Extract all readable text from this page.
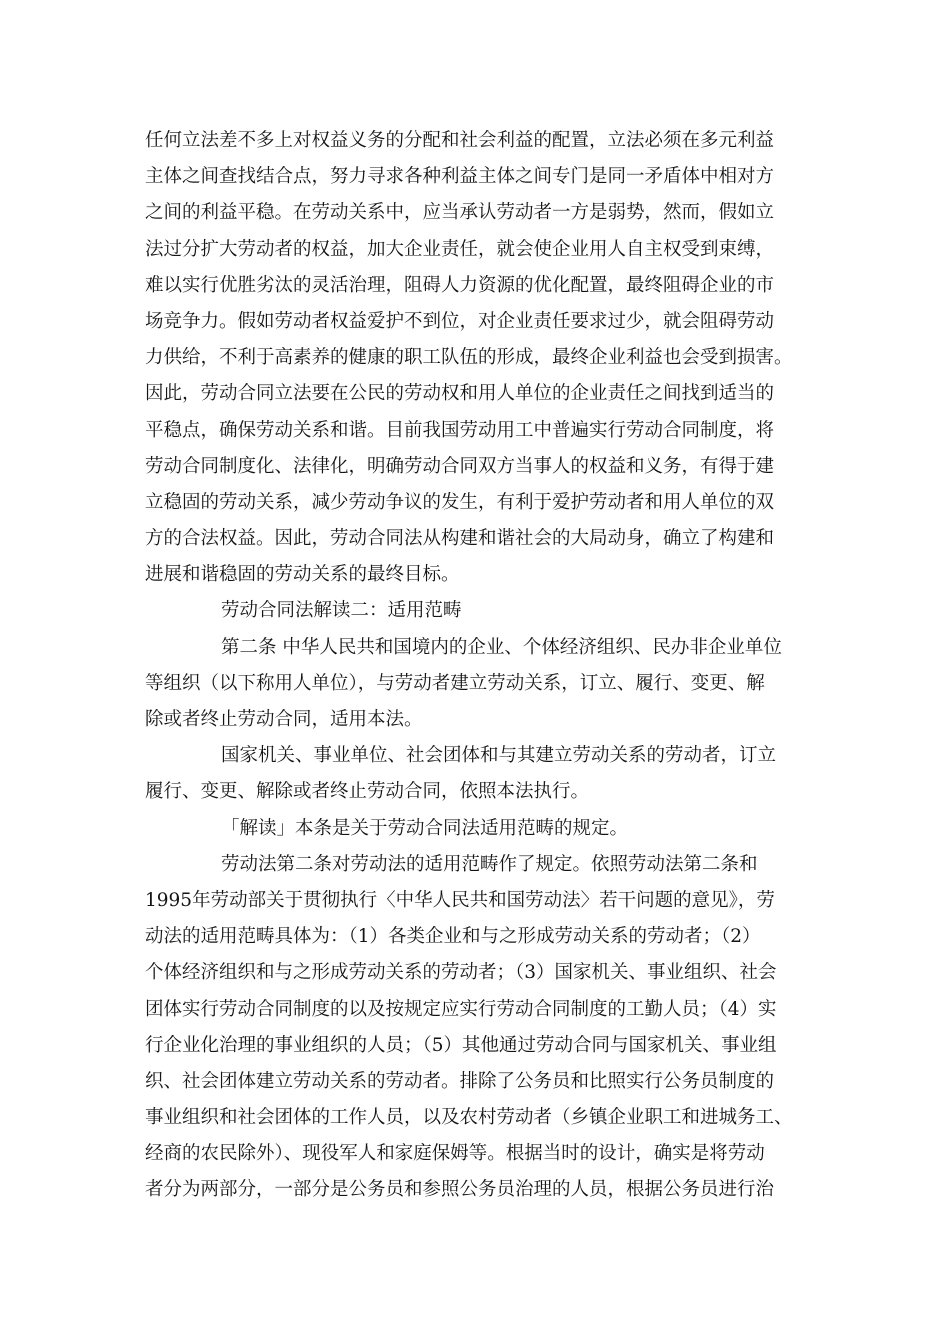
任何立法差不多上对权益义务的分配和社会利益的配置，立法必须在多元利益
主体之间查找结合点，努力寻求各种利益主体之间专门是同一矛盾体中相对方
之间的利益平稳。在劳动关系中，应当承认劳动者一方是弱势，然而，假如立
法过分扩大劳动者的权益，加大企业责任，就会使企业用人自主权受到束缚，
难以实行优胜劣汰的灵活治理，阻碍人力资源的优化配置，最终阻碍企业的市
场竞争力。假如劳动者权益爱护不到位，对企业责任要求过少，就会阻碍劳动
力供给，不利于高素养的健康的职工队伍的形成，最终企业利益也会受到损害。
因此，劳动合同立法要在公民的劳动权和用人单位的企业责任之间找到适当的
平稳点，确保劳动关系和谐。目前我国劳动用工中普遍实行劳动合同制度，将
劳动合同制度化、法律化，明确劳动合同双方当事人的权益和义务，有得于建
立稳固的劳动关系，减少劳动争议的发生，有利于爱护劳动者和用人单位的双
方的合法权益。因此，劳动合同法从构建和谐社会的大局动身，确立了构建和
进展和谐稳固的劳动关系的最终目标。
劳动合同法解读二：适用范畴
第二条 中华人民共和国境内的企业、个体经济组织、民办非企业单位
等组织（以下称用人单位），与劳动者建立劳动关系，订立、履行、变更、解
除或者终止劳动合同，适用本法。
国家机关、事业单位、社会团体和与其建立劳动关系的劳动者，订立
履行、变更、解除或者终止劳动合同，依照本法执行。
「解读」本条是关于劳动合同法适用范畴的规定。
劳动法第二条对劳动法的适用范畴作了规定。依照劳动法第二条和
1995年劳动部关于贯彻执行〈中华人民共和国劳动法〉若干问题的意见》，劳
动法的适用范畴具体为：（1）各类企业和与之形成劳动关系的劳动者；（2）
个体经济组织和与之形成劳动关系的劳动者；（3）国家机关、事业组织、社会
团体实行劳动合同制度的以及按规定应实行劳动合同制度的工勤人员；（4）实
行企业化治理的事业组织的人员；（5）其他通过劳动合同与国家机关、事业组
织、社会团体建立劳动关系的劳动者。排除了公务员和比照实行公务员制度的
事业组织和社会团体的工作人员，以及农村劳动者（乡镇企业职工和进城务工、
经商的农民除外）、现役军人和家庭保姆等。根据当时的设计，确实是将劳动
者分为两部分，一部分是公务员和参照公务员治理的人员，根据公务员进行治
